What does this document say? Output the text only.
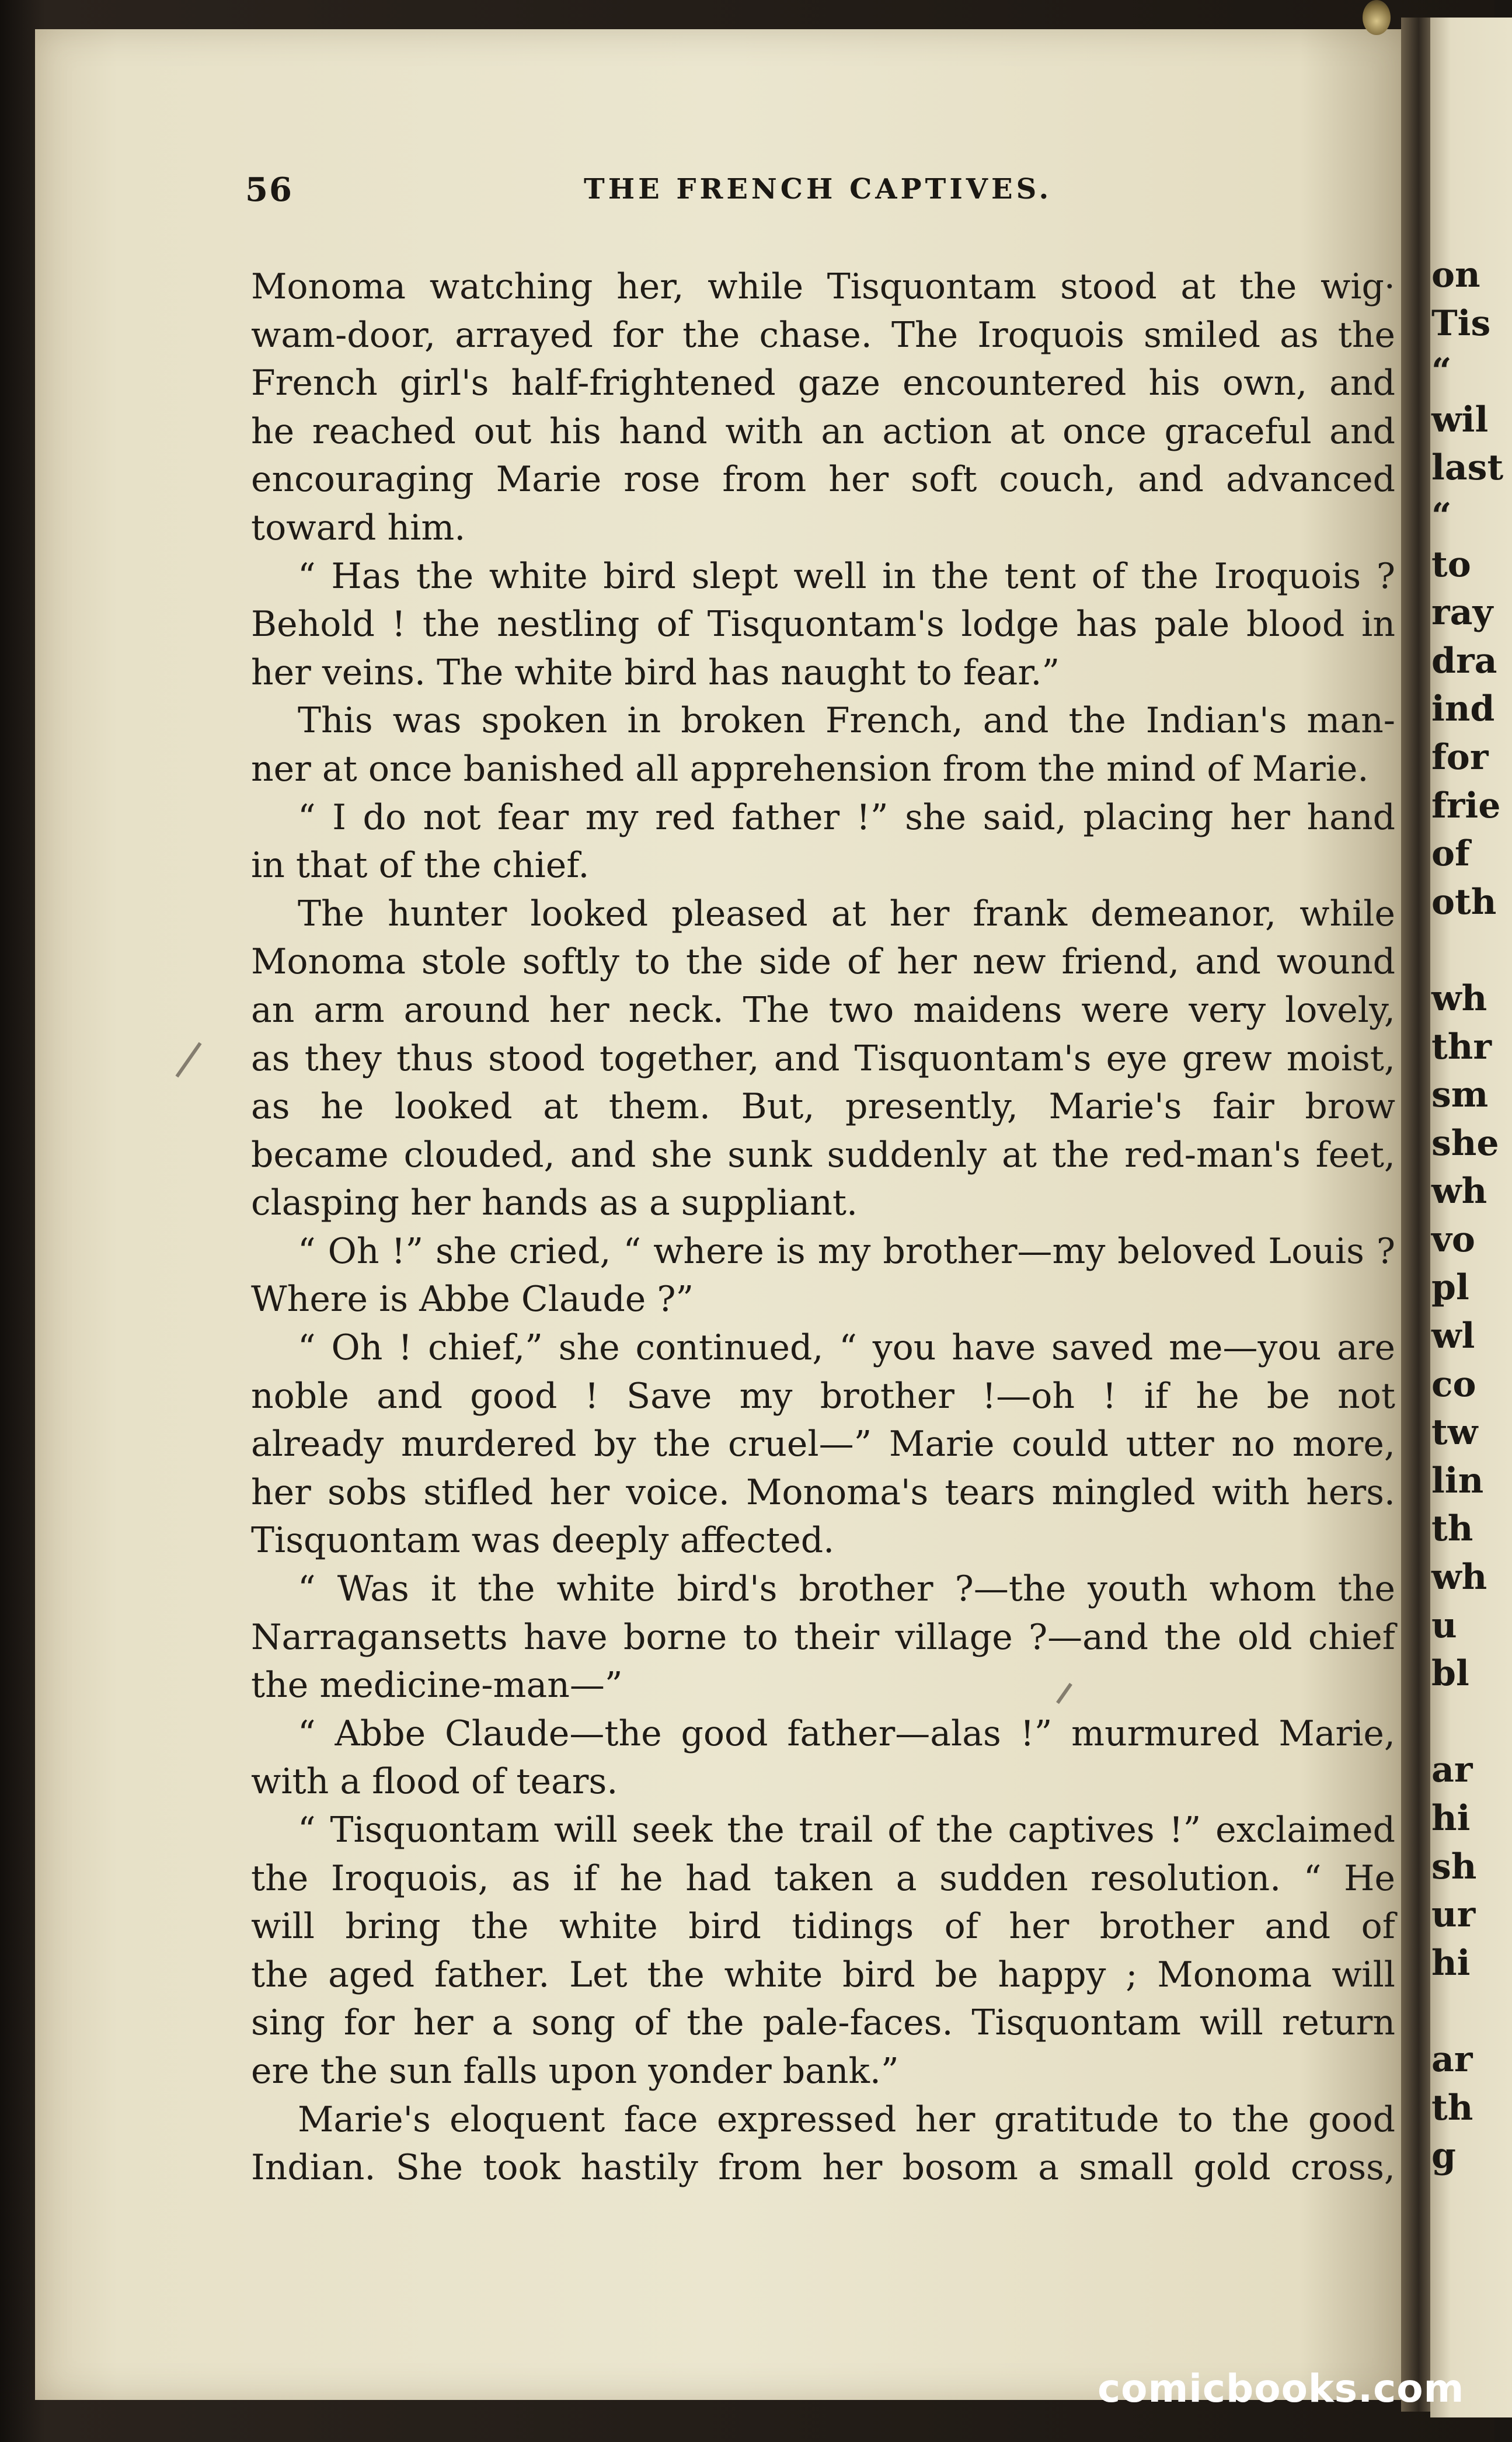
56	THE FRENCH CAPTIVES.
Monoma watching her, while Tisquontam stood at the wig·
wam-door, arrayed for the chase. The Iroquois smiled as the
French girl's half-frightened gaze encountered his own, and
he reached out his hand with an action at once graceful and
encouraging Marie rose from her soft couch, and advanced
toward him.
“ Has the white bird slept well in the tent of the Iroquois ?
Behold ! the nestling of Tisquontam's lodge has pale blood in
her veins. The white bird has naught to fear.”
This was spoken in broken French, and the Indian's man-
ner at once banished all apprehension from the mind of Marie.
“ I do not fear my red father !” she said, placing her hand
in that of the chief.
The hunter looked pleased at her frank demeanor, while
Monoma stole softly to the side of her new friend, and wound
an arm around her neck. The two maidens were very lovely,
as they thus stood together, and Tisquontam's eye grew moist,
as he looked at them. But, presently, Marie's fair brow
became clouded, and she sunk suddenly at the red-man's feet,
clasping her hands as a suppliant.
“ Oh !” she cried, “ where is my brother—my beloved Louis ?
Where is Abbe Claude ?”
“ Oh ! chief,” she continued, “ you have saved me—you are
noble and good ! Save my brother !—oh ! if he be not
already murdered by the cruel—” Marie could utter no more,
her sobs stifled her voice. Monoma's tears mingled with hers.
Tisquontam was deeply affected.
“ Was it the white bird's brother ?—the youth whom the
Narragansetts have borne to their village ?—and the old chief
the medicine-man—”
“ Abbe Claude—the good father—alas !” murmured Marie,
with a flood of tears.
“ Tisquontam will seek the trail of the captives !” exclaimed
the Iroquois, as if he had taken a sudden resolution. “ He
will bring the white bird tidings of her brother and of
the aged father. Let the white bird be happy ; Monoma will
sing for her a song of the pale-faces. Tisquontam will return
ere the sun falls upon yonder bank.”
Marie's eloquent face expressed her gratitude to the good
Indian. She took hastily from her bosom a small gold cross,
on
Tis
“
wil
last
“
to
ray
dra
ind
for
frie
of
oth
wh
thr
sm
she
wh
vo
pl
wl
co
tw
lin
th
wh
u
bl
ar
hi
sh
ur
hi
ar
th
g
comicbooks.com
